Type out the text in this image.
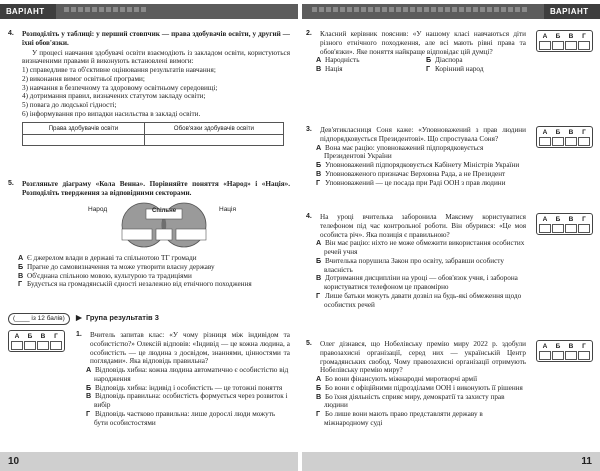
ВАРІАНТ 2
4. Розподіліть у таблиці: у перший стовпчик — права здобувачів освіти, у другий — їхні обов'язки.
У процесі навчання здобувачі освіти взаємодіють із закладом освіти, користуються визначеними правами й виконують встановлені вимоги:
1) справедливе та об'єктивне оцінювання результатів навчання;
2) виконання вимог освітньої програми;
3) навчання в безпечному та здоровому освітньому середовищі;
4) дотримання правил, визначених статутом закладу освіти;
5) повага до людської гідності;
6) інформування про випадки насильства в закладі освіти.
Права здобувачів освіти	Обов'язки здобувачів освіти

5. Розгляньте діаграму «Кола Венна». Порівняйте поняття «Народ» і «Нація». Розподіліть твердження за відповідними секторами.
Народ	Спільне	Нація
А Є джерелом влади в державі та спільнотою ТГ громади
Б Прагне до самовизначення та може утворити власну державу
В Об'єднана спільною мовою, культурою та традиціями
Г Будується на громадянській єдності незалежно від етнічного походження
(____ із 12 балів)	▶  Група результатів 3
А	Б	В	Г	1. Вчитель запитав клас: «У чому різниця між індивідом та особистістю?» Олексій відповів: «Індивід — це кожна людина, а особистість — це людина з досвідом, знаннями, цінностями та поглядами». Яка відповідь правильна?
А Відповідь хибна: кожна людина автоматично є особистістю від народження
Б Відповідь хибна: індивід і особистість — це тотожні поняття
В Відповідь правильна: особистість формується через розвиток і вибір
Г Відповідь частково правильна: лише дорослі люди можуть бути особистостями
10
ВАРІАНТ 2
2. Класний керівник пояснив: «У нашому класі навчаються діти різного етнічного походження, але всі мають рівні права та обов'язки». Яке поняття найкраще відповідає цій думці?
А Народність	Б Діаспора
В Нація	Г Корінний народ
А	Б	В	Г
3. Дев'ятикласниця Соня каже: «Уповноважений з прав людини підпорядковується Президентові». Що спростувала Соня?
А Вона має рацію: уповноважений підпорядковується Президентові України
Б Уповноважений підпорядковується Кабінету Міністрів України
В Уповноваженого призначає Верховна Рада, а не Президент
Г Уповноважений — це посада при Раді ООН з прав людини
А	Б	В	Г
4. На уроці вчителька заборонила Максиму користуватися телефоном під час контрольної роботи. Він обурився: «Це моя особиста річ». Яка позиція є правильною?
А Він має рацію: ніхто не може обмежити використання особистих речей учня
Б Вчителька порушила Закон про освіту, забравши особисту власність
В Дотримання дисципліни на уроці — обов'язок учня, і заборона користуватися телефоном це правомірно
Г Лише батьки можуть давати дозвіл на будь-які обмеження щодо особистих речей
А	Б	В	Г
5. Олег дізнався, що Нобелівську премію миру 2022 р. здобули правозахисні організації, серед них — українській Центр громадянських свобод. Чому правозахисні організації отримують Нобелівську премію миру?
А Бо вони фінансують міжнародні миротворчі армії
Б Бо вони є офіційними підрозділами ООН і виконують її рішення
В Бо їхня діяльність сприяє миру, демократії та захисту прав людини
Г Бо лише вони мають право представляти державу в міжнародному суді
А	Б	В	Г
11
